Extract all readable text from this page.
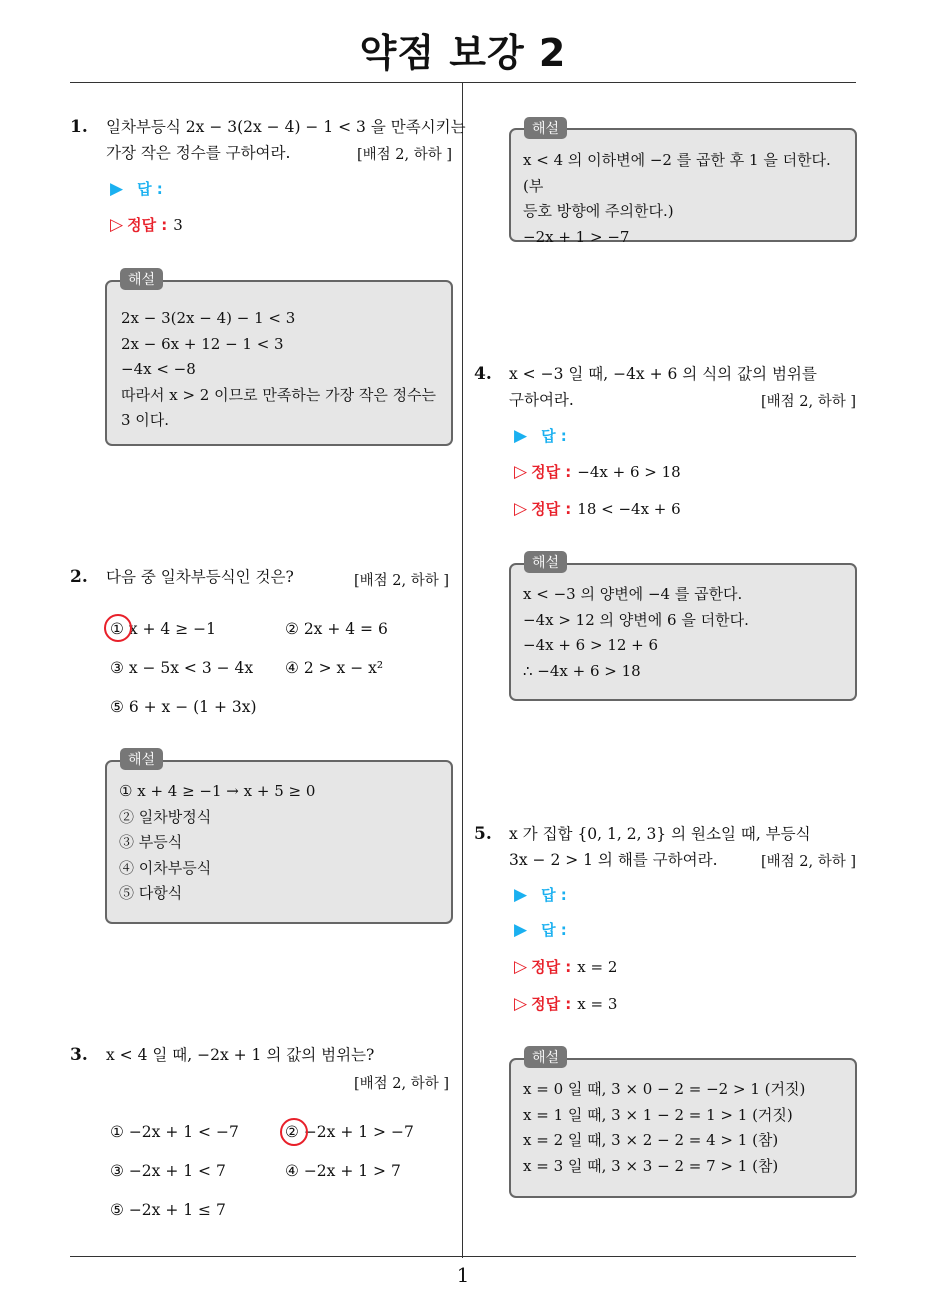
약점 보강 2
1
1. 일차부등식 2x − 3(2x − 4) − 1 < 3 을 만족시키는
가장 작은 정수를 구하여라.	[배점 2, 하하 ]
▶ 답 :
▷ 정답 : 3
2x − 3(2x − 4) − 1 < 3
2x − 6x + 12 − 1 < 3
−4x < −8
따라서 x > 2 이므로 만족하는 가장 작은 정수는
3 이다.
해설
2. 다음 중 일차부등식인 것은?	[배점 2, 하하 ]
① x + 4 ≥ −1	② 2x + 4 = 6
③ x − 5x < 3 − 4x ④ 2 > x − x²
⑤ 6 + x − (1 + 3x)
① x + 4 ≥ −1 → x + 5 ≥ 0
② 일차방정식
③ 부등식
④ 이차부등식
⑤ 다항식
해설
3. x < 4 일 때, −2x + 1 의 값의 범위는?
[배점 2, 하하 ]
① −2x + 1 < −7	② −2x + 1 > −7
③ −2x + 1 < 7	④ −2x + 1 > 7
⑤ −2x + 1 ≤ 7
x < 4 의 이하변에 −2 를 곱한 후 1 을 더한다.(부
등호 방향에 주의한다.)
−2x + 1 > −7
해설
4. x < −3 일 때, −4x + 6 의 식의 값의 범위를
구하여라.	[배점 2, 하하 ]
▶ 답 :
▷ 정답 : −4x + 6 > 18
▷ 정답 : 18 < −4x + 6
x < −3 의 양변에 −4 를 곱한다.
−4x > 12 의 양변에 6 을 더한다.
−4x + 6 > 12 + 6
∴ −4x + 6 > 18
해설
5. x 가 집합 {0, 1, 2, 3} 의 원소일 때, 부등식
3x − 2 > 1 의 해를 구하여라.	[배점 2, 하하 ]
▶ 답 :
▶ 답 :
▷ 정답 : x = 2
▷ 정답 : x = 3
x = 0 일 때, 3 × 0 − 2 = −2 > 1 (거짓)
x = 1 일 때, 3 × 1 − 2 = 1 > 1 (거짓)
x = 2 일 때, 3 × 2 − 2 = 4 > 1 (참)
x = 3 일 때, 3 × 3 − 2 = 7 > 1 (참)
해설
